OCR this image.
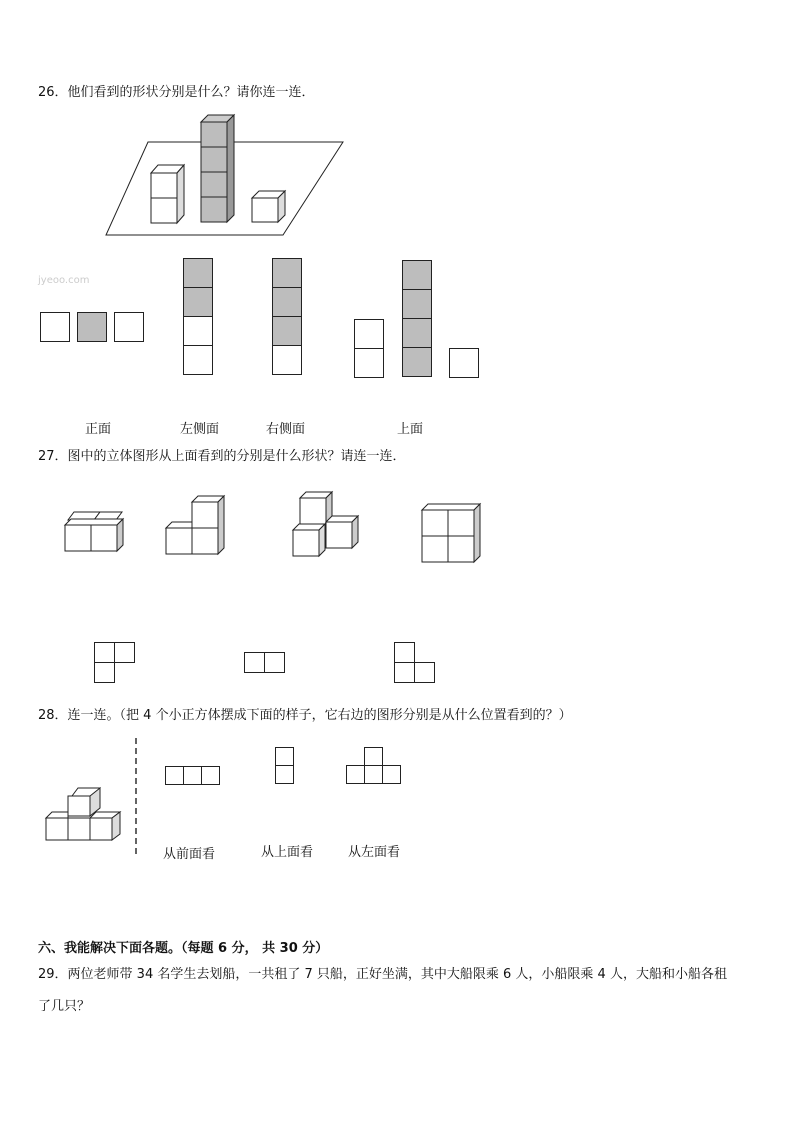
26．他们看到的形状分别是什么？请你连一连．
jyeoo.com
正面	左侧面	右侧面	上面
27．图中的立体图形从上面看到的分别是什么形状？请连一连．
28．连一连。（把 4 个小正方体摆成下面的样子，它右边的图形分别是从什么位置看到的？）
从前面看	从上面看	从左面看
六、我能解决下面各题。（每题 6 分， 共 30 分）
29．两位老师带 34 名学生去划船，一共租了 7 只船，正好坐满，其中大船限乘 6 人，小船限乘 4 人，大船和小船各租
了几只？
